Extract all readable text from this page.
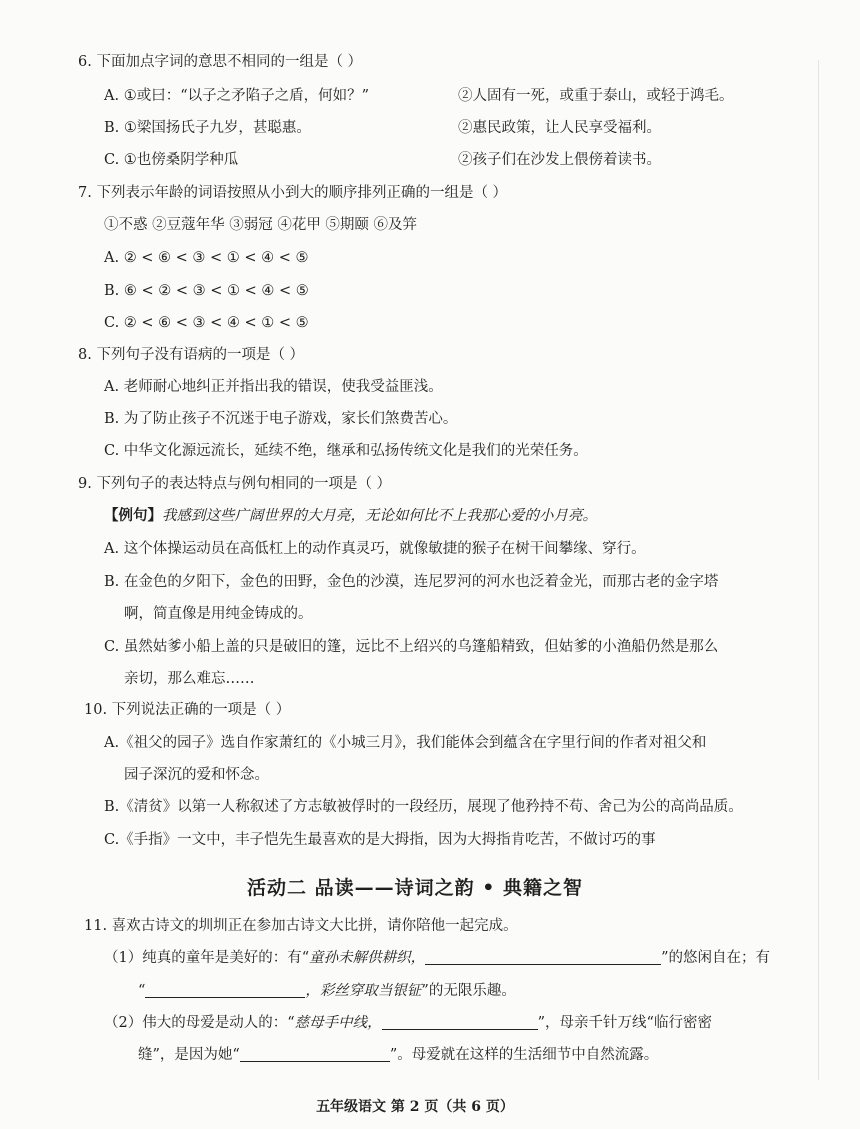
6. 下面加点字词的意思不相同的一组是（ ）
A. ①或曰：“以子之矛陷子之盾，何如？”	②人固有一死，或重于泰山，或轻于鸿毛。
B. ①梁国扬氏子九岁，甚聪惠。	②惠民政策，让人民享受福利。
C. ①也傍桑阴学种瓜	②孩子们在沙发上偎傍着读书。
7. 下列表示年龄的词语按照从小到大的顺序排列正确的一组是（ ）
①不惑 ②豆蔻年华 ③弱冠 ④花甲 ⑤期颐 ⑥及笄
A. ② < ⑥ < ③ < ① < ④ < ⑤
B. ⑥ < ② < ③ < ① < ④ < ⑤
C. ② < ⑥ < ③ < ④ < ① < ⑤
8. 下列句子没有语病的一项是（ ）
A. 老师耐心地纠正并指出我的错误，使我受益匪浅。
B. 为了防止孩子不沉迷于电子游戏，家长们煞费苦心。
C. 中华文化源远流长，延续不绝，继承和弘扬传统文化是我们的光荣任务。
9. 下列句子的表达特点与例句相同的一项是（ ）
【例句】我感到这些广阔世界的大月亮，无论如何比不上我那心爱的小月亮。
A. 这个体操运动员在高低杠上的动作真灵巧，就像敏捷的猴子在树干间攀缘、穿行。
B. 在金色的夕阳下，金色的田野，金色的沙漠，连尼罗河的河水也泛着金光，而那古老的金字塔
啊，简直像是用纯金铸成的。
C. 虽然姑爹小船上盖的只是破旧的篷，远比不上绍兴的乌篷船精致，但姑爹的小渔船仍然是那么
亲切，那么难忘……
10. 下列说法正确的一项是（ ）
A.《祖父的园子》选自作家萧红的《小城三月》，我们能体会到蕴含在字里行间的作者对祖父和
园子深沉的爱和怀念。
B.《清贫》以第一人称叙述了方志敏被俘时的一段经历，展现了他矜持不苟、舍己为公的高尚品质。
C.《手指》一文中，丰子恺先生最喜欢的是大拇指，因为大拇指肯吃苦，不做讨巧的事
活动二 品读——诗词之韵 • 典籍之智
11. 喜欢古诗文的圳圳正在参加古诗文大比拼，请你陪他一起完成。
（1）纯真的童年是美好的：有“童孙未解供耕织，	”的悠闲自在；有
“	，彩丝穿取当银钲”的无限乐趣。
（2）伟大的母爱是动人的：“慈母手中线，	”，母亲千针万线“临行密密
缝”，是因为她“	”。母爱就在这样的生活细节中自然流露。
五年级语文 第 2 页（共 6 页）
